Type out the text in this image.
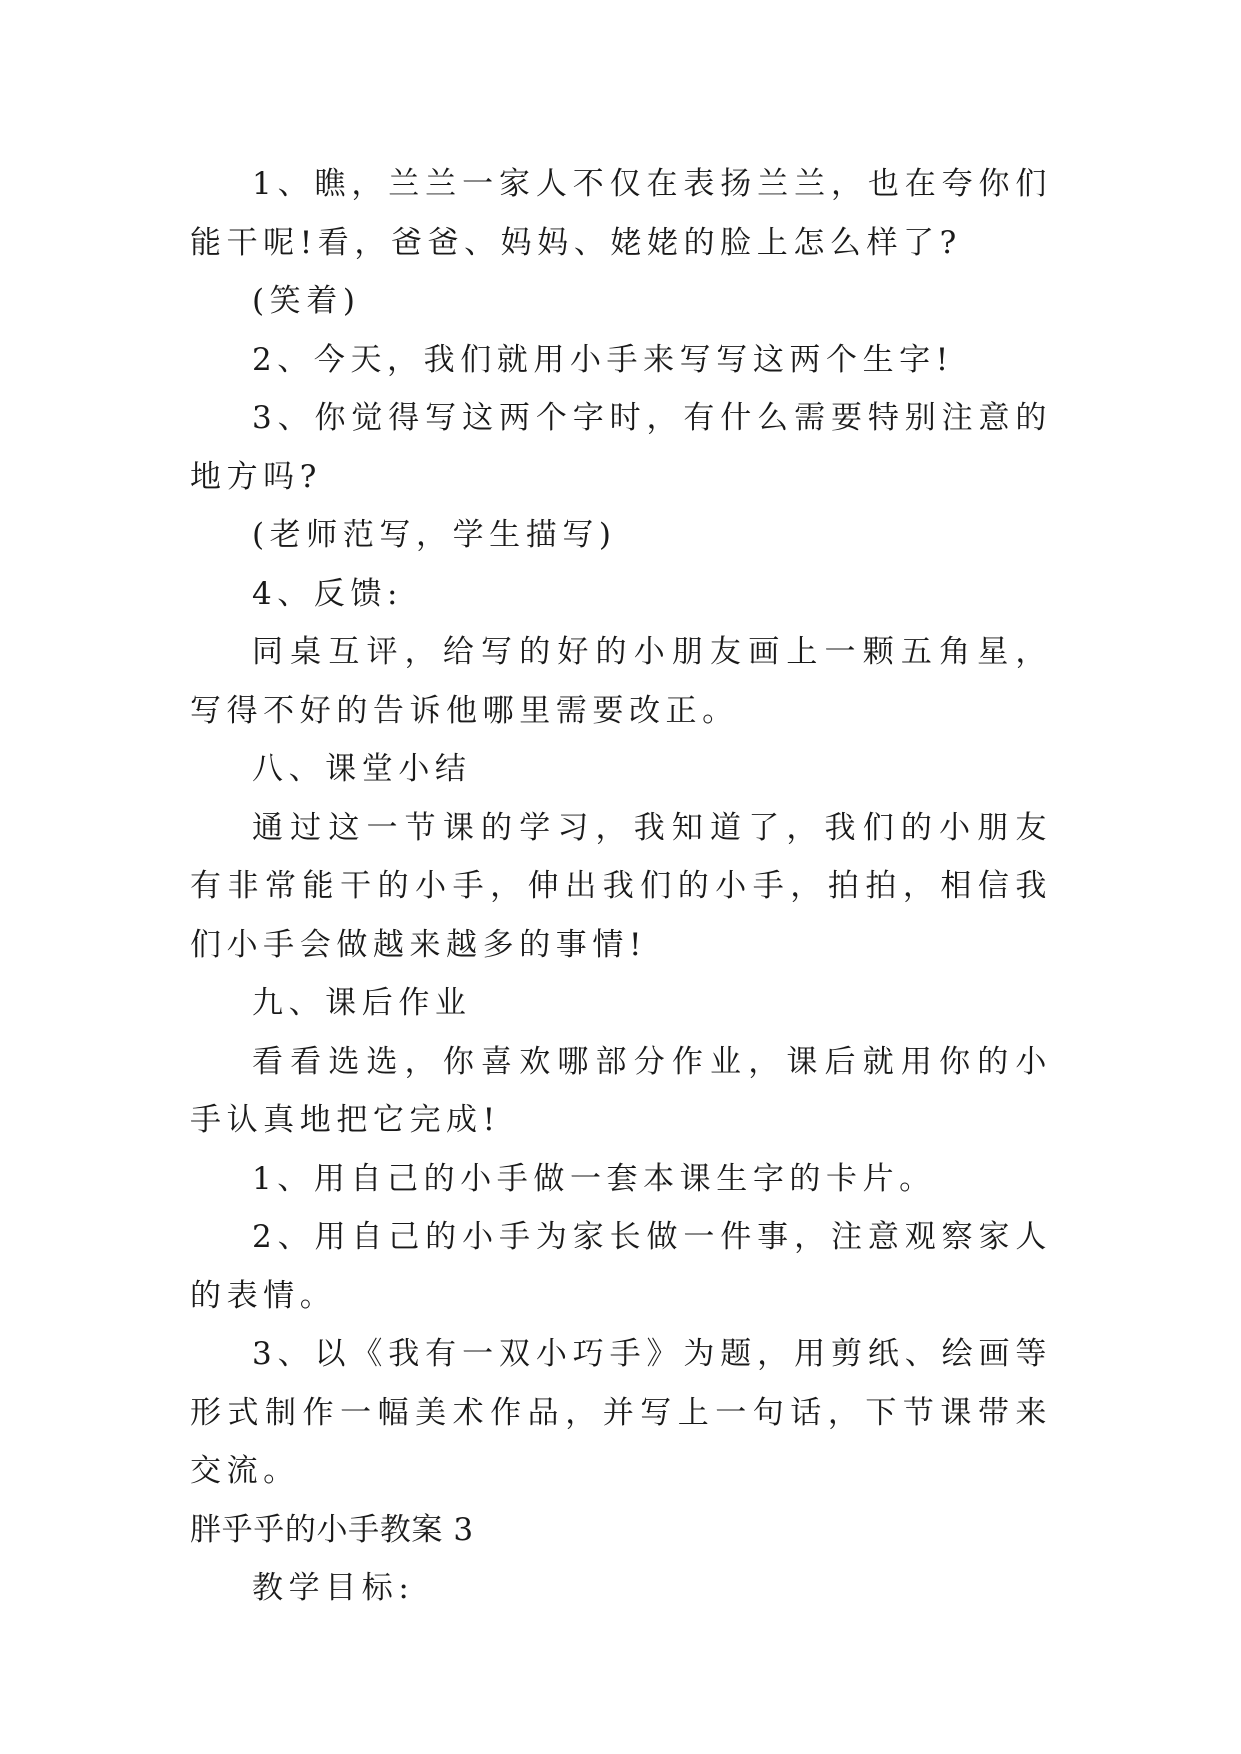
1、瞧，兰兰一家人不仅在表扬兰兰，也在夸你们能干呢!看，爸爸、妈妈、姥姥的脸上怎么样了?

(笑着)

2、今天，我们就用小手来写写这两个生字!

3、你觉得写这两个字时，有什么需要特别注意的地方吗?

(老师范写，学生描写)

4、反馈:

同桌互评，给写的好的小朋友画上一颗五角星，写得不好的告诉他哪里需要改正。

八、课堂小结

通过这一节课的学习，我知道了，我们的小朋友有非常能干的小手，伸出我们的小手，拍拍，相信我们小手会做越来越多的事情!

九、课后作业

看看选选，你喜欢哪部分作业，课后就用你的小手认真地把它完成!

1、用自己的小手做一套本课生字的卡片。

2、用自己的小手为家长做一件事，注意观察家人的表情。

3、以《我有一双小巧手》为题，用剪纸、绘画等形式制作一幅美术作品，并写上一句话，下节课带来交流。

胖乎乎的小手教案 3

教学目标:
